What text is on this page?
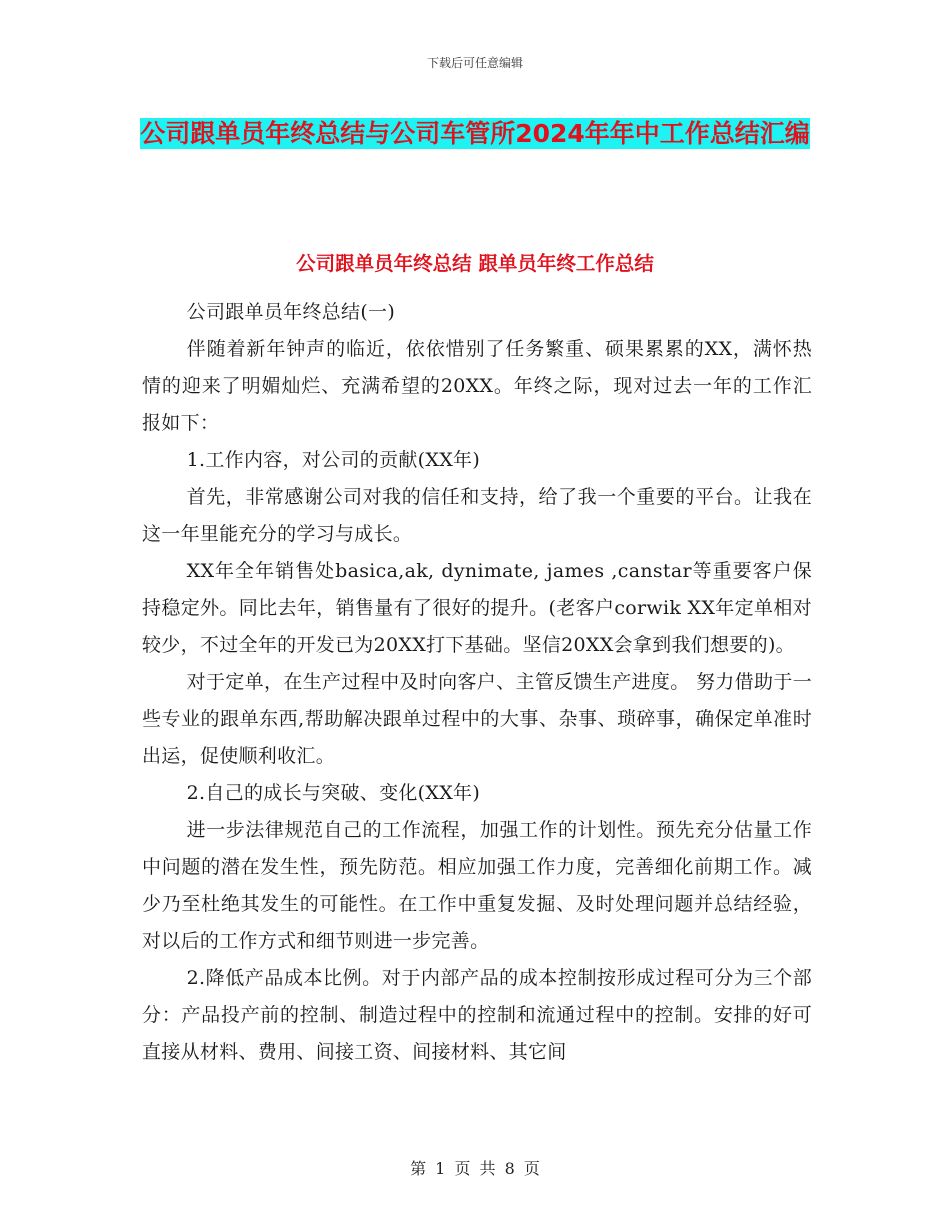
下载后可任意编辑
公司跟单员年终总结与公司车管所2024年年中工作总结汇编
公司跟单员年终总结 跟单员年终工作总结

公司跟单员年终总结(一)

伴随着新年钟声的临近，依依惜别了任务繁重、硕果累累的XX，满怀热情的迎来了明媚灿烂、充满希望的20XX。年终之际，现对过去一年的工作汇报如下：

1.工作内容，对公司的贡献(XX年)

首先，非常感谢公司对我的信任和支持，给了我一个重要的平台。让我在这一年里能充分的学习与成长。

XX年全年销售处basica,ak, dynimate, james ,canstar等重要客户保持稳定外。同比去年，销售量有了很好的提升。(老客户corwik XX年定单相对较少，不过全年的开发已为20XX打下基础。坚信20XX会拿到我们想要的)。

对于定单，在生产过程中及时向客户、主管反馈生产进度。 努力借助于一些专业的跟单东西,帮助解决跟单过程中的大事、杂事、琐碎事，确保定单准时出运，促使顺利收汇。

2.自己的成长与突破、变化(XX年)

进一步法律规范自己的工作流程，加强工作的计划性。预先充分估量工作中问题的潜在发生性，预先防范。相应加强工作力度，完善细化前期工作。减少乃至杜绝其发生的可能性。在工作中重复发掘、及时处理问题并总结经验，对以后的工作方式和细节则进一步完善。

2.降低产品成本比例。对于内部产品的成本控制按形成过程可分为三个部分：产品投产前的控制、制造过程中的控制和流通过程中的控制。安排的好可直接从材料、费用、间接工资、间接材料、其它间

第 1 页 共 8 页
